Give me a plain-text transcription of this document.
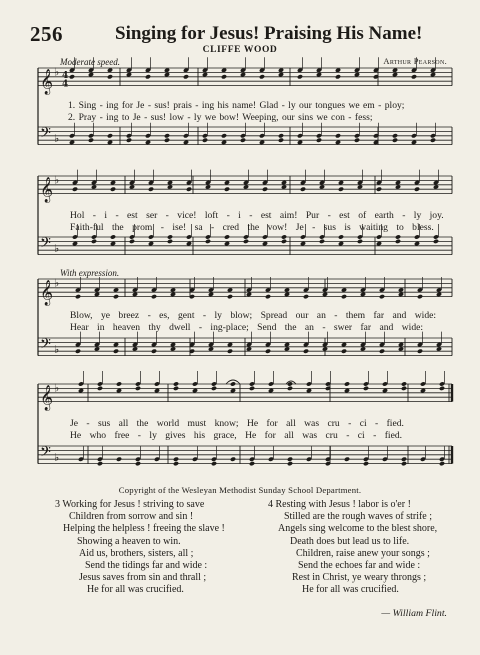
256	Singing for Jesus! Praising His Name!
CLIFFE WOOD
Arthur Pearson.
Moderate speed.
With expression.
𝄞 ♭
𝄢 ♭
4
4
𝄞 ♭
𝄢 ♭
𝄞 ♭
𝄢 ♭
𝄞 ♭
𝄢 ♭
1. Sing - ing for Je - sus! prais - ing his name! Glad - ly our tongues we em - ploy;
2. Pray - ing to Je - sus! low - ly we bow! Weeping, our sins we con - fess;
Hol - i - est ser - vice! loft - i - est aim! Pur - est of earth - ly joy.
Faith-ful the prom - ise! sa - cred the vow! Je - sus is waiting to bless.
Blow, ye breez - es, gent - ly blow; Spread our an - them far and wide:
Hear in heaven thy dwell - ing-place; Send the an - swer far and wide:
Je - sus all the world must know; He for all was cru - ci - fied.
He who free - ly gives his grace, He for all was cru - ci - fied.
Copyright of the Wesleyan Methodist Sunday School Department.
3 Working for Jesus ! striving to save
Children from sorrow and sin !
Helping the helpless ! freeing the slave !
Showing a heaven to win.
Aid us, brothers, sisters, all ;
Send the tidings far and wide :
Jesus saves from sin and thrall ;
He for all was crucified.
4 Resting with Jesus ! labor is o'er !
Stilled are the rough waves of strife ;
Angels sing welcome to the blest shore,
Death does but lead us to life.
Children, raise anew your songs ;
Send the echoes far and wide :
Rest in Christ, ye weary throngs ;
He for all was crucified.
— William Flint.
